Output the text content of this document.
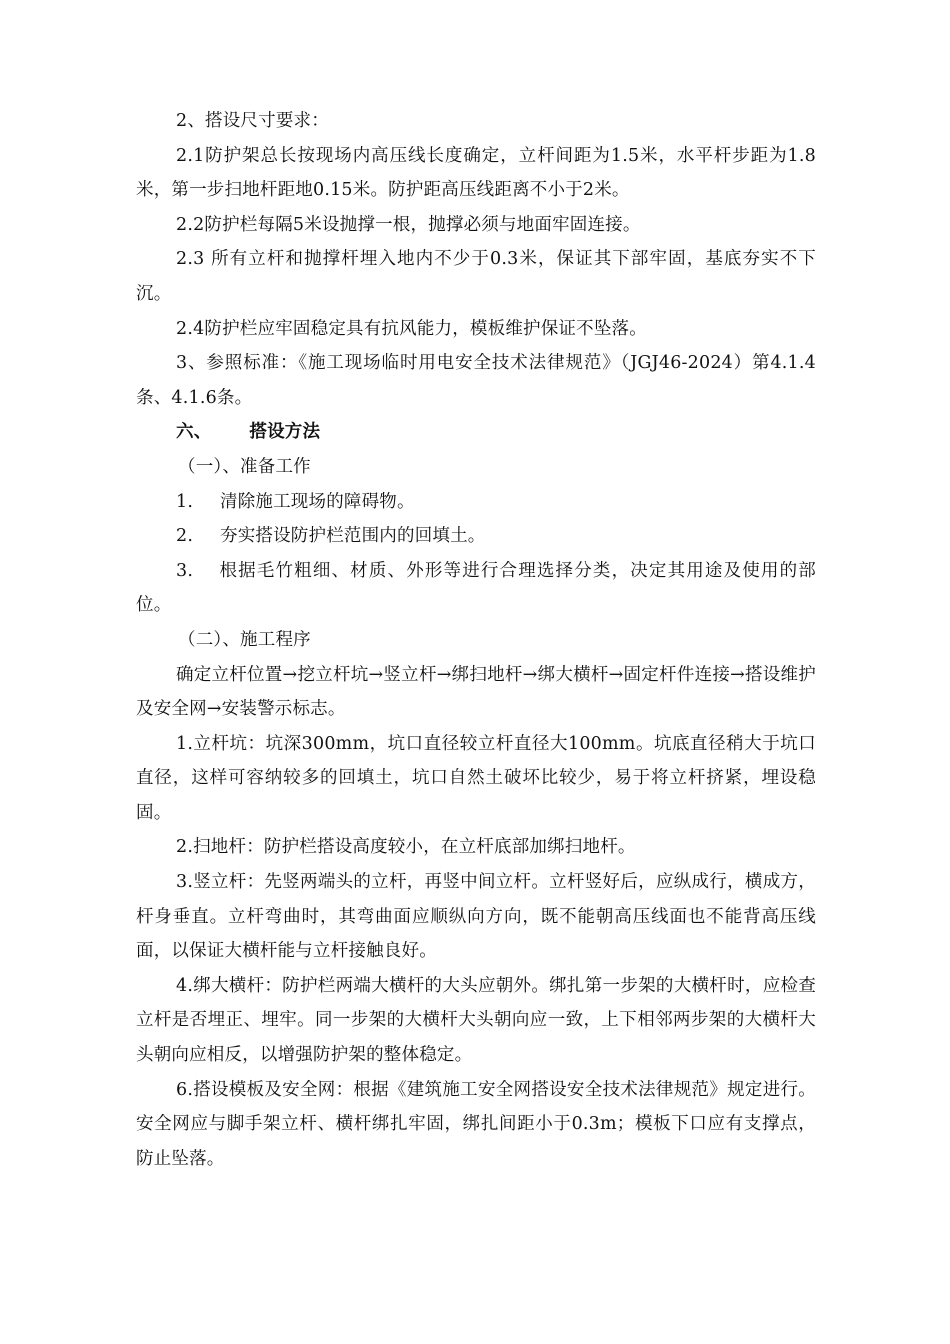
2、搭设尺寸要求：

2.1防护架总长按现场内高压线长度确定，立杆间距为1.5米，水平杆步距为1.8米，第一步扫地杆距地0.15米。防护距高压线距离不小于2米。

2.2防护栏每隔5米设抛撑一根，抛撑必须与地面牢固连接。

2.3 所有立杆和抛撑杆埋入地内不少于0.3米，保证其下部牢固，基底夯实不下沉。

2.4防护栏应牢固稳定具有抗风能力，模板维护保证不坠落。

3、参照标准：《施工现场临时用电安全技术法律规范》（JGJ46-2024）第4.1.4条、4.1.6条。

六、 搭设方法

（一）、准备工作

1. 清除施工现场的障碍物。

2. 夯实搭设防护栏范围内的回填土。

3.　 根据毛竹粗细、材质、外形等进行合理选择分类，决定其用途及使用的部位。

（二）、施工程序

确定立杆位置→挖立杆坑→竖立杆→绑扫地杆→绑大横杆→固定杆件连接→搭设维护及安全网→安装警示标志。

1.立杆坑：坑深300mm，坑口直径较立杆直径大100mm。坑底直径稍大于坑口直径，这样可容纳较多的回填土，坑口自然土破坏比较少，易于将立杆挤紧，埋设稳固。

2.扫地杆：防护栏搭设高度较小，在立杆底部加绑扫地杆。

3.竖立杆：先竖两端头的立杆，再竖中间立杆。立杆竖好后，应纵成行，横成方，杆身垂直。立杆弯曲时，其弯曲面应顺纵向方向，既不能朝高压线面也不能背高压线面，以保证大横杆能与立杆接触良好。

4.绑大横杆：防护栏两端大横杆的大头应朝外。绑扎第一步架的大横杆时，应检查立杆是否埋正、埋牢。同一步架的大横杆大头朝向应一致，上下相邻两步架的大横杆大头朝向应相反，以增强防护架的整体稳定。

6.搭设模板及安全网：根据《建筑施工安全网搭设安全技术法律规范》规定进行。安全网应与脚手架立杆、横杆绑扎牢固，绑扎间距小于0.3m；模板下口应有支撑点，防止坠落。
